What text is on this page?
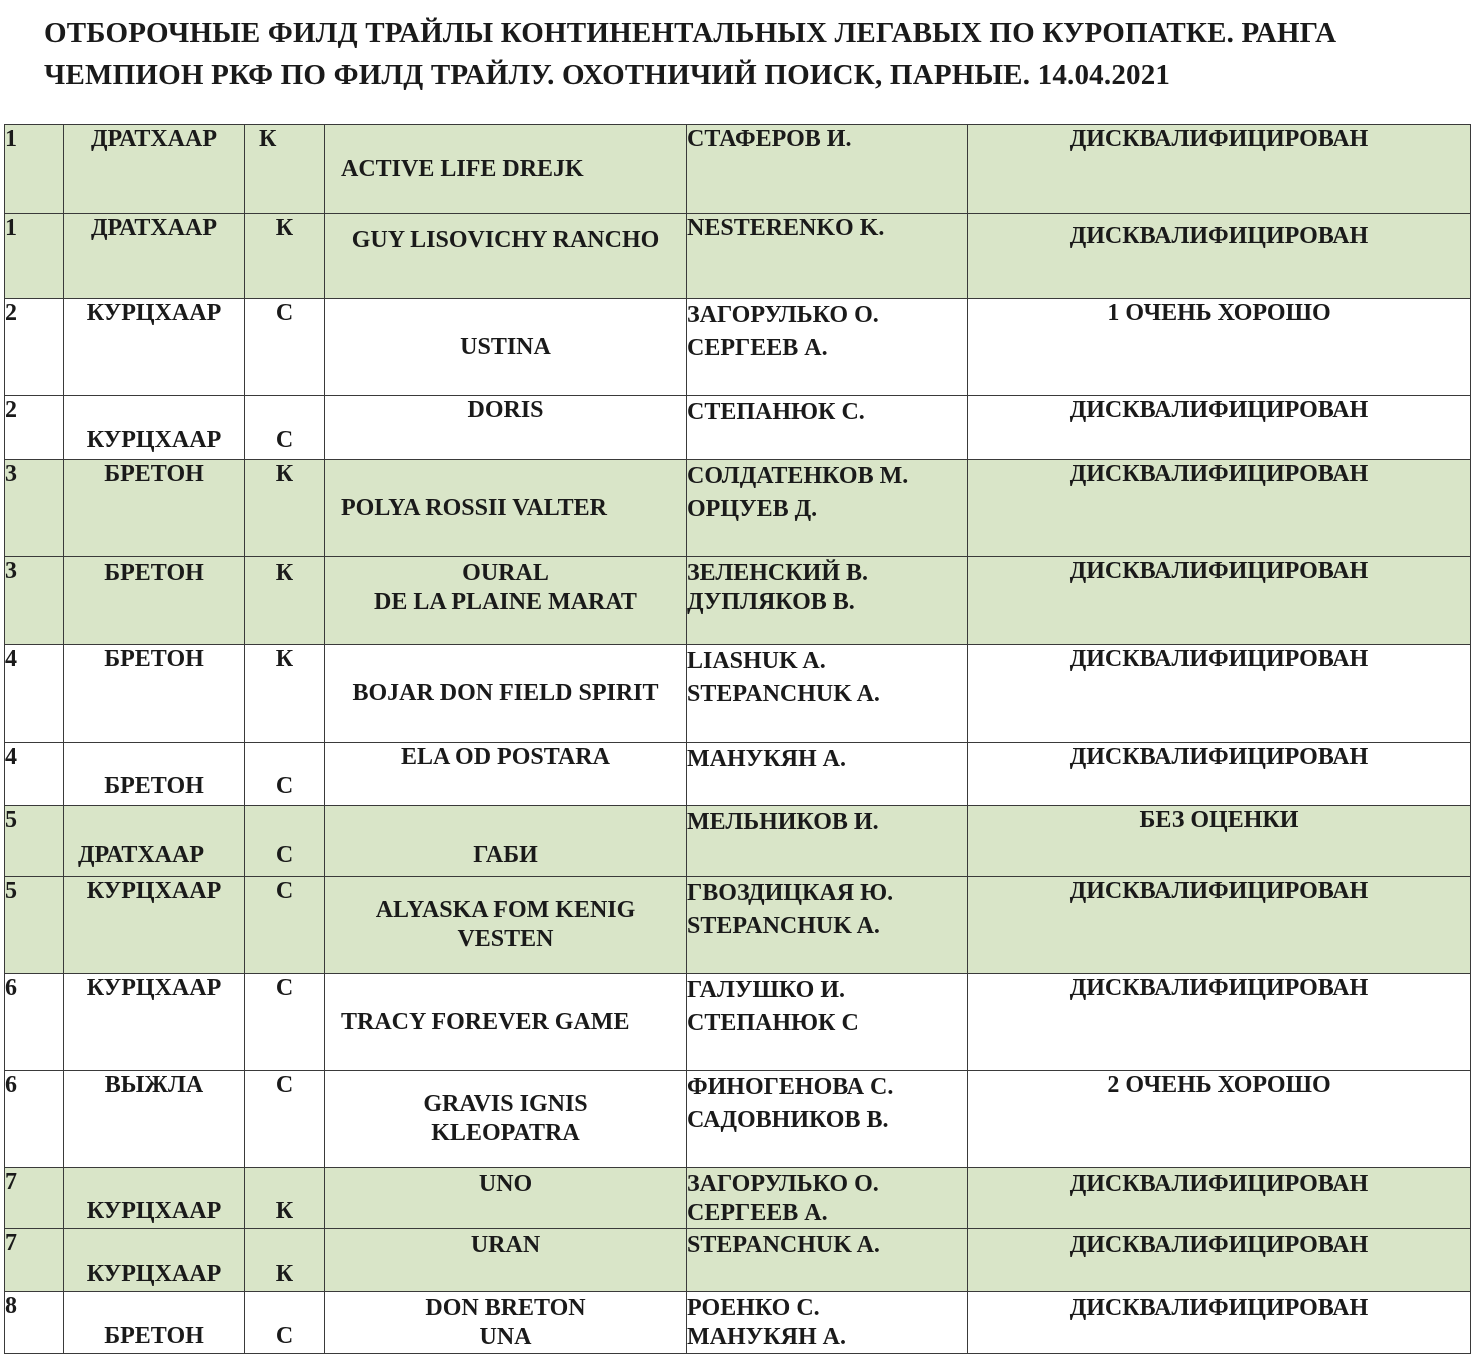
ОТБОРОЧНЫЕ ФИЛД ТРАЙЛЫ КОНТИНЕНТАЛЬНЫХ ЛЕГАВЫХ ПО КУРОПАТКЕ. РАНГА
ЧЕМПИОН РКФ ПО ФИЛД ТРАЙЛУ. ОХОТНИЧИЙ ПОИСК, ПАРНЫЕ. 14.04.2021
1	ДРАТХААР	К	ACTIVE LIFE DREJK	СТАФЕРОВ И.	ДИСКВАЛИФИЦИРОВАН
1	ДРАТХААР	К	GUY LISOVICHY RANCHO	NESTERENKO K.	ДИСКВАЛИФИЦИРОВАН
2	КУРЦХААР	С	USTINA	ЗАГОРУЛЬКО О.
СЕРГЕЕВ А.	1 ОЧЕНЬ ХОРОШО
2	КУРЦХААР	С	DORIS	СТЕПАНЮК С.	ДИСКВАЛИФИЦИРОВАН
3	БРЕТОН	К	POLYA ROSSII VALTER	СОЛДАТЕНКОВ М.
ОРЦУЕВ Д.	ДИСКВАЛИФИЦИРОВАН
3	БРЕТОН	К	OURAL
DE LA PLAINE MARAT	ЗЕЛЕНСКИЙ В.
ДУПЛЯКОВ В.	ДИСКВАЛИФИЦИРОВАН
4	БРЕТОН	К	BOJAR DON FIELD SPIRIT	LIASHUK A.
STEPANCHUK A.	ДИСКВАЛИФИЦИРОВАН
4	БРЕТОН	С	ELA OD POSTARA	МАНУКЯН А.	ДИСКВАЛИФИЦИРОВАН
5	ДРАТХААР	С	ГАБИ	МЕЛЬНИКОВ И.	БЕЗ ОЦЕНКИ
5	КУРЦХААР	С	ALYASKA FOM KENIG
VESTEN	ГВОЗДИЦКАЯ Ю.
STEPANCHUK A.	ДИСКВАЛИФИЦИРОВАН
6	КУРЦХААР	С	TRACY FOREVER GAME	ГАЛУШКО И.
СТЕПАНЮК С	ДИСКВАЛИФИЦИРОВАН
6	ВЫЖЛА	С	GRAVIS IGNIS
KLEOPATRA	ФИНОГЕНОВА С.
САДОВНИКОВ В.	2 ОЧЕНЬ ХОРОШО
7	КУРЦХААР	К	UNO	ЗАГОРУЛЬКО О.
СЕРГЕЕВ А.	ДИСКВАЛИФИЦИРОВАН
7	КУРЦХААР	К	URAN	STEPANCHUK A.	ДИСКВАЛИФИЦИРОВАН
8	БРЕТОН	С	DON BRETON
UNA	РОЕНКО С.
МАНУКЯН А.	ДИСКВАЛИФИЦИРОВАН
